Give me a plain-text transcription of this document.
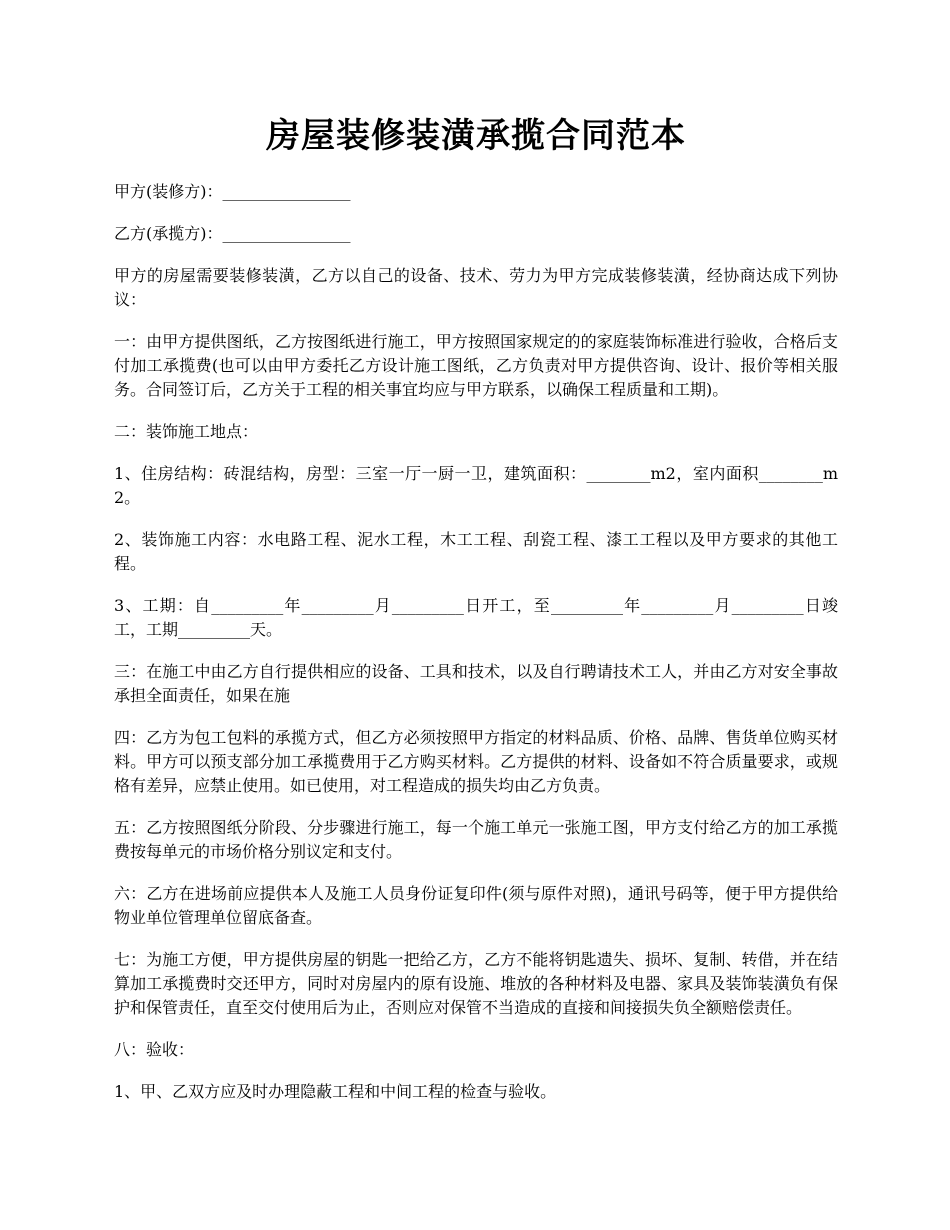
房屋装修装潢承揽合同范本

甲方(装修方)：________________

乙方(承揽方)：________________

甲方的房屋需要装修装潢，乙方以自己的设备、技术、劳力为甲方完成装修装潢，经协商达成下列协议：

一：由甲方提供图纸，乙方按图纸进行施工，甲方按照国家规定的的家庭装饰标准进行验收，合格后支付加工承揽费(也可以由甲方委托乙方设计施工图纸，乙方负责对甲方提供咨询、设计、报价等相关服务。合同签订后，乙方关于工程的相关事宜均应与甲方联系，以确保工程质量和工期)。

二：装饰施工地点：

1、住房结构：砖混结构，房型：三室一厅一厨一卫，建筑面积：________m2，室内面积________m2。

2、装饰施工内容：水电路工程、泥水工程，木工工程、刮瓷工程、漆工工程以及甲方要求的其他工程。

3、工期：自_________年_________月_________日开工，至_________年_________月_________日竣工，工期_________天。

三：在施工中由乙方自行提供相应的设备、工具和技术，以及自行聘请技术工人，并由乙方对安全事故承担全面责任，如果在施

四：乙方为包工包料的承揽方式，但乙方必须按照甲方指定的材料品质、价格、品牌、售货单位购买材料。甲方可以预支部分加工承揽费用于乙方购买材料。乙方提供的材料、设备如不符合质量要求，或规格有差异，应禁止使用。如已使用，对工程造成的损失均由乙方负责。

五：乙方按照图纸分阶段、分步骤进行施工，每一个施工单元一张施工图，甲方支付给乙方的加工承揽费按每单元的市场价格分别议定和支付。

六：乙方在进场前应提供本人及施工人员身份证复印件(须与原件对照)，通讯号码等，便于甲方提供给物业单位管理单位留底备查。

七：为施工方便，甲方提供房屋的钥匙一把给乙方，乙方不能将钥匙遗失、损坏、复制、转借，并在结算加工承揽费时交还甲方，同时对房屋内的原有设施、堆放的各种材料及电器、家具及装饰装潢负有保护和保管责任，直至交付使用后为止，否则应对保管不当造成的直接和间接损失负全额赔偿责任。

八：验收：

1、甲、乙双方应及时办理隐蔽工程和中间工程的检查与验收。
